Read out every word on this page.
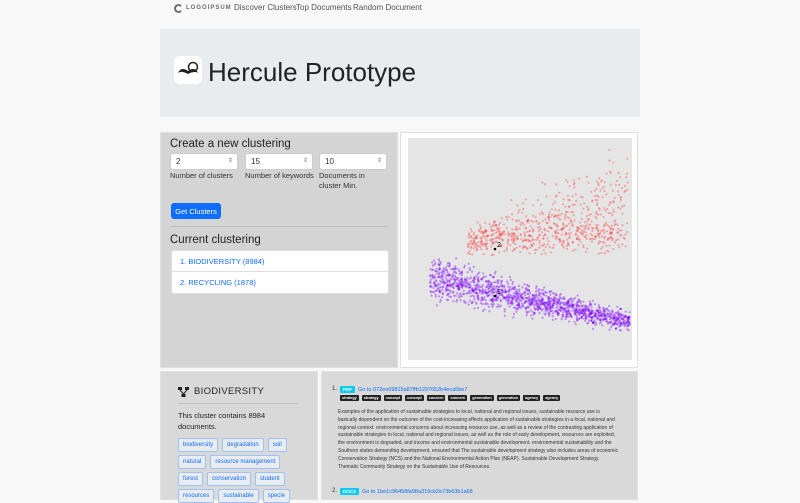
LOGOIPSUM Discover Clusters Top Documents Random Document
Hercule Prototype
Create a new clustering
2	⇕	15	⇕	10	⇕
Number of clusters	Number of keywords Documents in cluster Min.
Get Clusters
Current clustering
1. BIODIVERSITY (8984)
2. RECYCLING (1878)
2
1
BIODIVERSITY
This cluster contains 8984 documents.
biodiversity	degradation	soil
natural	resource management
forest	conservation	student
resources	sustainable	specie
1.	PDF	Go to 072ee09815a87ffb1297652b4eca5be7
strategy	strategy	concept	concept	concern	concern	generation	generation	agency	agency
Examples of the application of sustainable strategies to local, national and regional issues, sustainable resource use is basically dependent on the outcome of the cost-increasing effects application of sustainable strategies in a local, national and regional context. environmental concerns about increasing resource use, as well as a review of the contrasting application of sustainable strategies to local, national and regional issues, as well as the role of early development, resources are exploited, the environment is degraded, and income and environmental sustainable development. environmental sustainability and the Southern states demanding development, ensured that The sustainable development strategy also includes areas of economic Conservation Strategy (NCS) and the National Environmental Action Plan (NEAP). Sustainable Development Strategy. Thematic Community Strategy on the Sustainable Use of Resources.
2.	DOCX	Go to 1be1c96458fa98a319cb2e73b63b1a68
